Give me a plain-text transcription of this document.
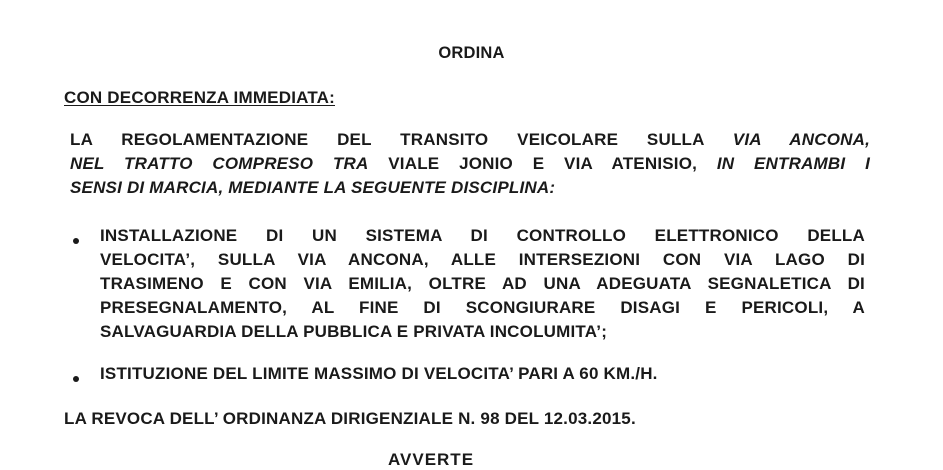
ORDINA

CON DECORRENZA IMMEDIATA:

LA REGOLAMENTAZIONE DEL TRANSITO VEICOLARE SULLA VIA ANCONA,
NEL TRATTO COMPRESO TRA VIALE JONIO E VIA ATENISIO, IN ENTRAMBI I
SENSI DI MARCIA, MEDIANTE LA SEGUENTE DISCIPLINA:
INSTALLAZIONE DI UN SISTEMA DI CONTROLLO ELETTRONICO DELLA
VELOCITA’, SULLA VIA ANCONA, ALLE INTERSEZIONI CON VIA LAGO DI
TRASIMENO E CON VIA EMILIA, OLTRE AD UNA ADEGUATA SEGNALETICA DI
PRESEGNALAMENTO, AL FINE DI SCONGIURARE DISAGI E PERICOLI, A
SALVAGUARDIA DELLA PUBBLICA E PRIVATA INCOLUMITA’;
ISTITUZIONE DEL LIMITE MASSIMO DI VELOCITA’ PARI A 60 KM./H.

LA REVOCA DELL’ ORDINANZA DIRIGENZIALE N. 98 DEL 12.03.2015.

AVVERTE
